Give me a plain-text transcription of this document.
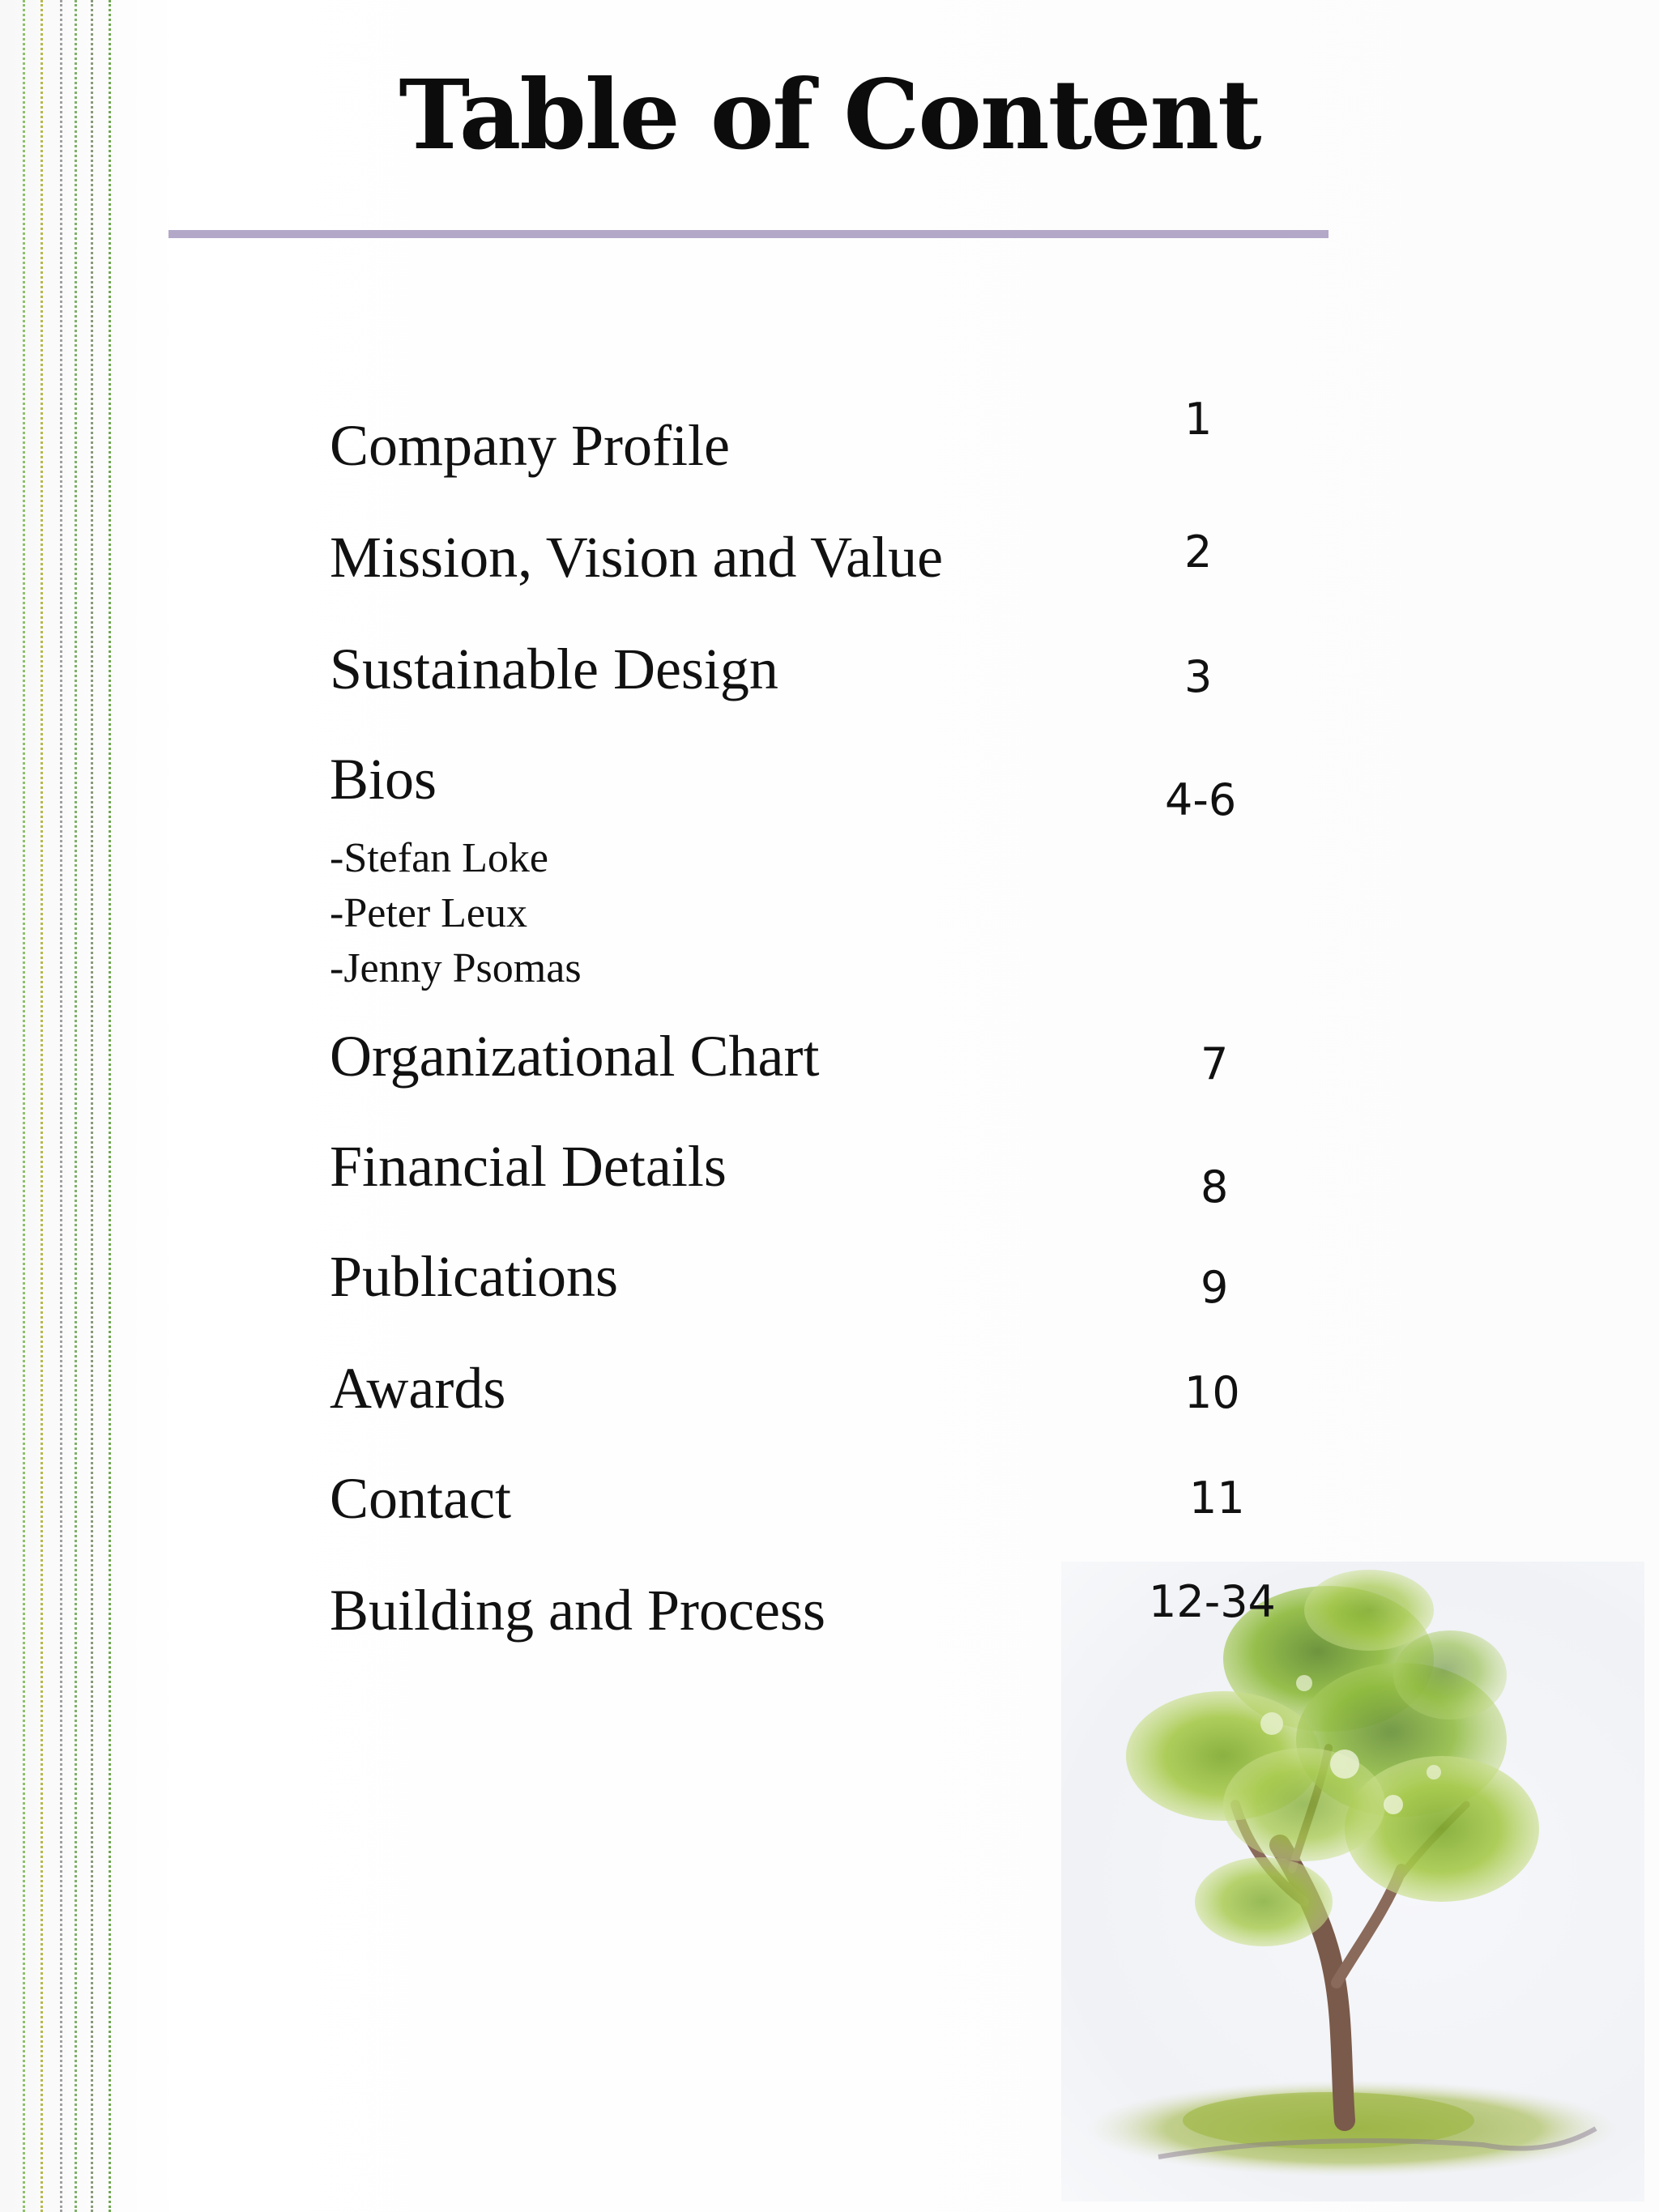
Table of Content
Company Profile	1
Mission, Vision and Value	2
Sustainable Design	3
Bios	4-6
-Stefan Loke
-Peter Leux
-Jenny Psomas
Organizational Chart	7
Financial Details	8
Publications	9
Awards	10
Contact	11
Building and Process	12-34
